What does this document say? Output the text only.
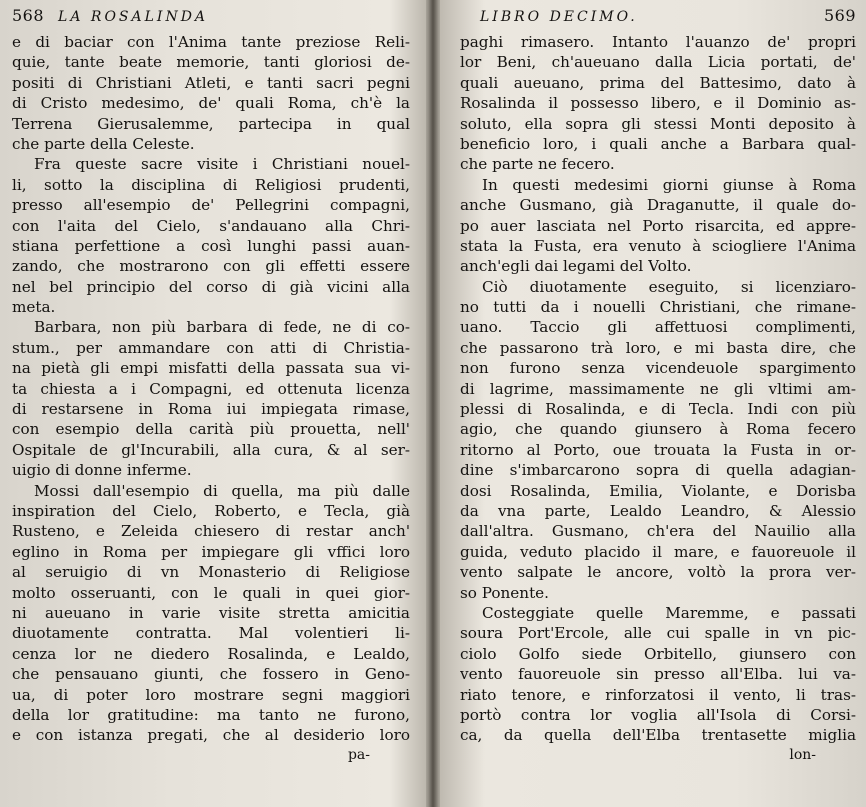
568 LA ROSALINDA
e di baciar con l'Anima tante preziose Reli-
quie, tante beate memorie, tanti gloriosi de-
positi di Christiani Atleti, e tanti sacri pegni
di Cristo medesimo, de' quali Roma, ch'è la
Terrena Gierusalemme, partecipa in qual
che parte della Celeste.
Fra queste sacre visite i Christiani nouel-
li, sotto la disciplina di Religiosi prudenti,
presso all'esempio de' Pellegrini compagni,
con l'aita del Cielo, s'andauano alla Chri-
stiana perfettione a così lunghi passi auan-
zando, che mostrarono con gli effetti essere
nel bel principio del corso di già vicini alla
meta.
Barbara, non più barbara di fede, ne di co-
stum., per ammandare con atti di Christia-
na pietà gli empi misfatti della passata sua vi-
ta chiesta a i Compagni, ed ottenuta licenza
di restarsene in Roma iui impiegata rimase,
con esempio della carità più prouetta, nell'
Ospitale de gl'Incurabili, alla cura, & al ser-
uigio di donne inferme.
Mossi dall'esempio di quella, ma più dalle
inspiration del Cielo, Roberto, e Tecla, già
Rusteno, e Zeleida chiesero di restar anch'
eglino in Roma per impiegare gli vffici loro
al seruigio di vn Monasterio di Religiose
molto osseruanti, con le quali in quei gior-
ni aueuano in varie visite stretta amicitia
diuotamente contratta. Mal volentieri li-
cenza lor ne diedero Rosalinda, e Lealdo,
che pensauano giunti, che fossero in Geno-
ua, di poter loro mostrare segni maggiori
della lor gratitudine: ma tanto ne furono,
e con istanza pregati, che al desiderio loro
pa-
LIBRO DECIMO.	569
paghi rimasero. Intanto l'auanzo de' propri
lor Beni, ch'aueuano dalla Licia portati, de'
quali aueuano, prima del Battesimo, dato à
Rosalinda il possesso libero, e il Dominio as-
soluto, ella sopra gli stessi Monti deposito à
beneficio loro, i quali anche a Barbara qual-
che parte ne fecero.
In questi medesimi giorni giunse à Roma
anche Gusmano, già Draganutte, il quale do-
po auer lasciata nel Porto risarcita, ed appre-
stata la Fusta, era venuto à sciogliere l'Anima
anch'egli dai legami del Volto.
Ciò diuotamente eseguito, si licenziaro-
no tutti da i nouelli Christiani, che rimane-
uano. Taccio gli affettuosi complimenti,
che passarono trà loro, e mi basta dire, che
non furono senza vicendeuole spargimento
di lagrime, massimamente ne gli vltimi am-
plessi di Rosalinda, e di Tecla. Indi con più
agio, che quando giunsero à Roma fecero
ritorno al Porto, oue trouata la Fusta in or-
dine s'imbarcarono sopra di quella adagian-
dosi Rosalinda, Emilia, Violante, e Dorisba
da vna parte, Lealdo Leandro, & Alessio
dall'altra. Gusmano, ch'era del Nauilio alla
guida, veduto placido il mare, e fauoreuole il
vento salpate le ancore, voltò la prora ver-
so Ponente.
Costeggiate quelle Maremme, e passati
soura Port'Ercole, alle cui spalle in vn pic-
ciolo Golfo siede Orbitello, giunsero con
vento fauoreuole sin presso all'Elba. lui va-
riato tenore, e rinforzatosi il vento, li tras-
portò contra lor voglia all'Isola di Corsi-
ca, da quella dell'Elba trentasette miglia
lon-
